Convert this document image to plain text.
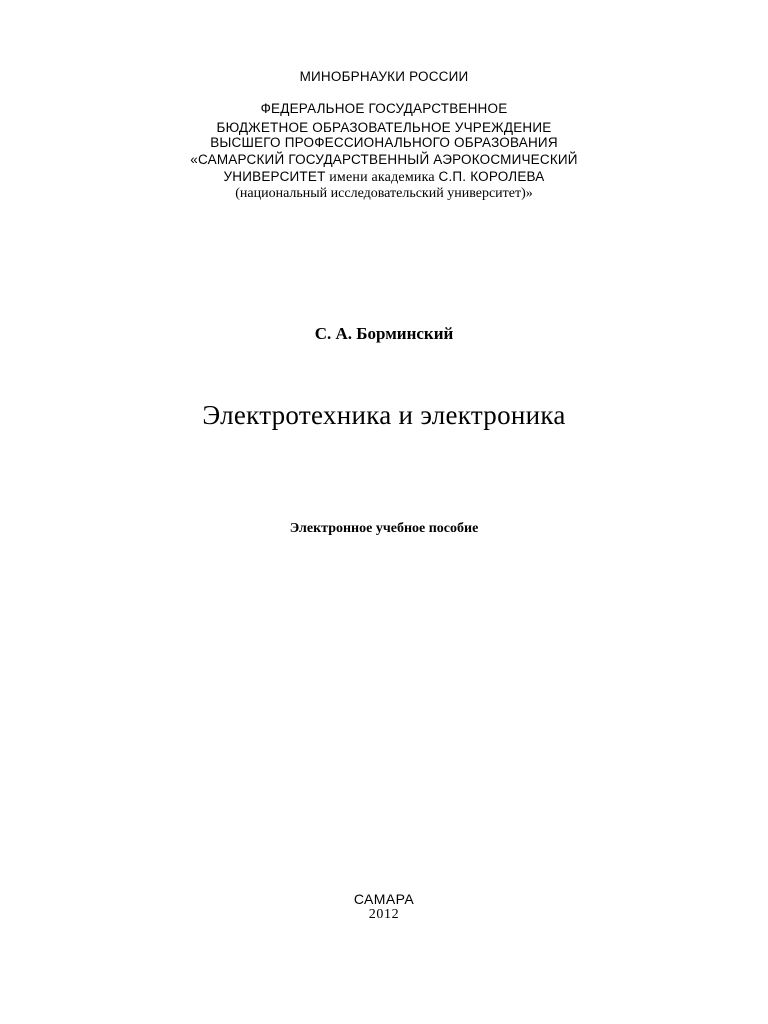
МИНОБРНАУКИ РОССИИ
ФЕДЕРАЛЬНОЕ ГОСУДАРСТВЕННОЕ
БЮДЖЕТНОЕ ОБРАЗОВАТЕЛЬНОЕ УЧРЕЖДЕНИЕ
ВЫСШЕГО ПРОФЕССИОНАЛЬНОГО ОБРАЗОВАНИЯ
«САМАРСКИЙ ГОСУДАРСТВЕННЫЙ АЭРОКОСМИЧЕСКИЙ
УНИВЕРСИТЕТ имени академика С.П. КОРОЛЕВА
(национальный исследовательский университет)»
С. А. Борминский
Электротехника и электроника
Электронное учебное пособие
САМАРА
2012
